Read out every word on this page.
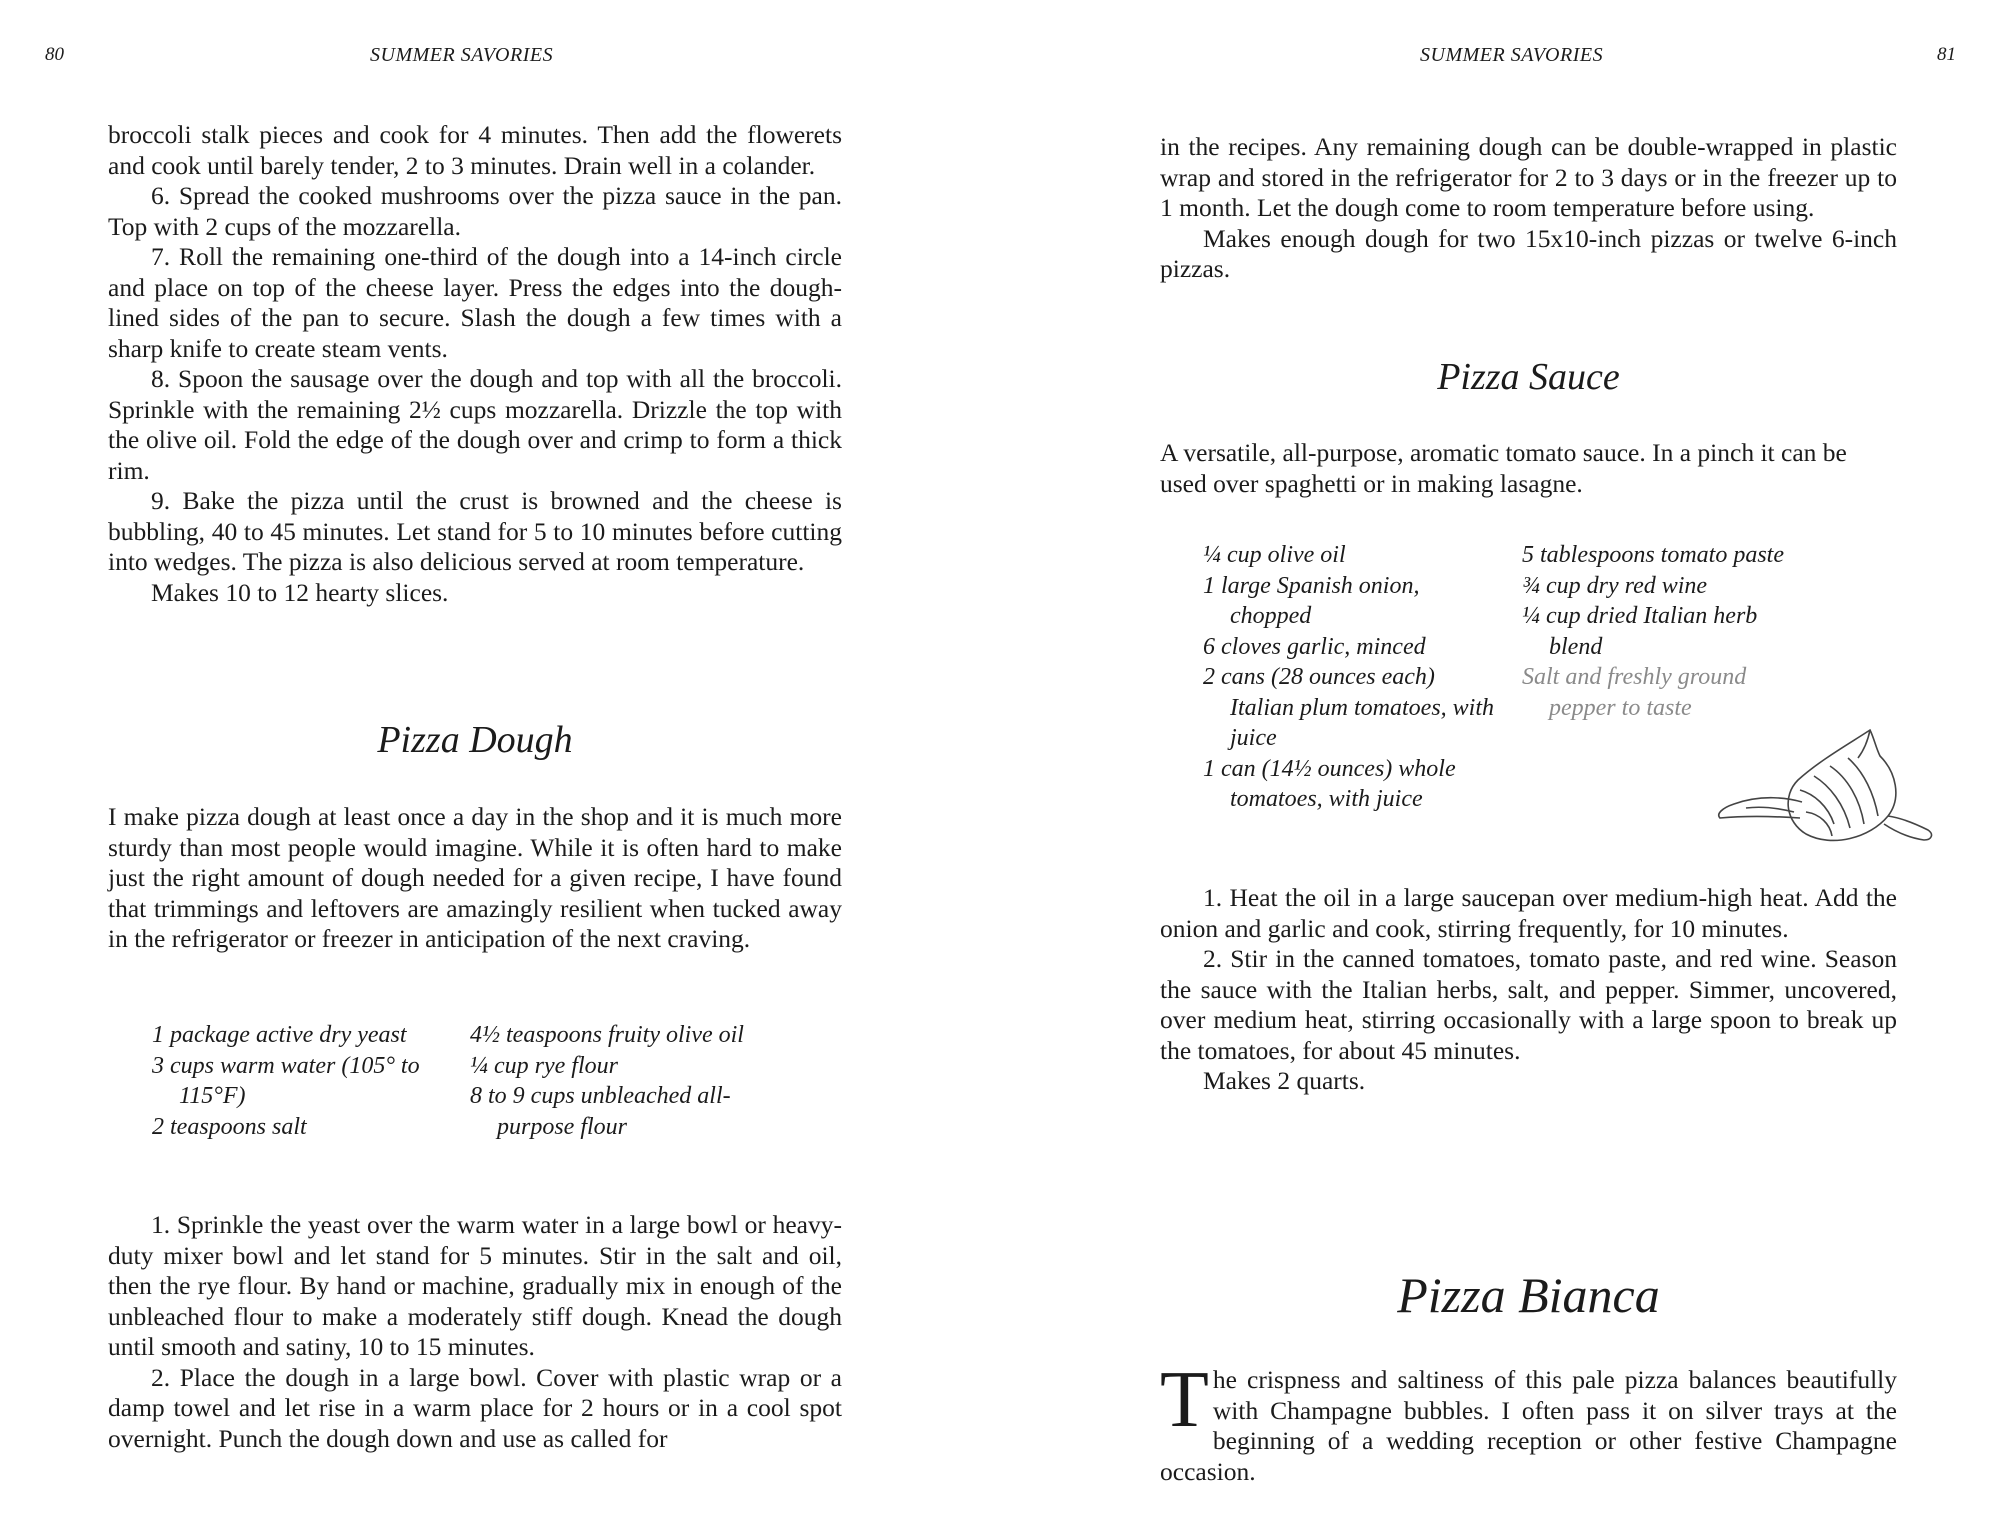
80	SUMMER SAVORIES

broccoli stalk pieces and cook for 4 minutes. Then add the flowerets and cook until barely tender, 2 to 3 minutes. Drain well in a colander.

6. Spread the cooked mushrooms over the pizza sauce in the pan. Top with 2 cups of the mozzarella.

7. Roll the remaining one-third of the dough into a 14-inch circle and place on top of the cheese layer. Press the edges into the dough-lined sides of the pan to secure. Slash the dough a few times with a sharp knife to create steam vents.

8. Spoon the sausage over the dough and top with all the broccoli. Sprinkle with the remaining 2½ cups mozzarella. Drizzle the top with the olive oil. Fold the edge of the dough over and crimp to form a thick rim.

9. Bake the pizza until the crust is browned and the cheese is bubbling, 40 to 45 minutes. Let stand for 5 to 10 minutes before cutting into wedges. The pizza is also delicious served at room temperature.

Makes 10 to 12 hearty slices.

Pizza Dough

I make pizza dough at least once a day in the shop and it is much more sturdy than most people would imagine. While it is often hard to make just the right amount of dough needed for a given recipe, I have found that trimmings and leftovers are amazingly resilient when tucked away in the refrigerator or freezer in anticipation of the next craving.

1 package active dry yeast
3 cups warm water (105° to 115°F)
2 teaspoons salt
4½ teaspoons fruity olive oil
¼ cup rye flour
8 to 9 cups unbleached all-purpose flour

1. Sprinkle the yeast over the warm water in a large bowl or heavy-duty mixer bowl and let stand for 5 minutes. Stir in the salt and oil, then the rye flour. By hand or machine, gradually mix in enough of the unbleached flour to make a moderately stiff dough. Knead the dough until smooth and satiny, 10 to 15 minutes.

2. Place the dough in a large bowl. Cover with plastic wrap or a damp towel and let rise in a warm place for 2 hours or in a cool spot overnight. Punch the dough down and use as called for

SUMMER SAVORIES	81

in the recipes. Any remaining dough can be double-wrapped in plastic wrap and stored in the refrigerator for 2 to 3 days or in the freezer up to 1 month. Let the dough come to room temperature before using.

Makes enough dough for two 15x10-inch pizzas or twelve 6-inch pizzas.

Pizza Sauce

A versatile, all-purpose, aromatic tomato sauce. In a pinch it can be used over spaghetti or in making lasagne.

¼ cup olive oil
1 large Spanish onion, chopped
6 cloves garlic, minced
2 cans (28 ounces each) Italian plum tomatoes, with juice
1 can (14½ ounces) whole tomatoes, with juice
5 tablespoons tomato paste
¾ cup dry red wine
¼ cup dried Italian herb blend
Salt and freshly ground pepper to taste

1. Heat the oil in a large saucepan over medium-high heat. Add the onion and garlic and cook, stirring frequently, for 10 minutes.

2. Stir in the canned tomatoes, tomato paste, and red wine. Season the sauce with the Italian herbs, salt, and pepper. Simmer, uncovered, over medium heat, stirring occasionally with a large spoon to break up the tomatoes, for about 45 minutes.

Makes 2 quarts.

Pizza Bianca
T he crispness and saltiness of this pale pizza balances beautifully with Champagne bubbles. I often pass it on silver trays at the beginning of a wedding reception or other festive Champagne occasion.
